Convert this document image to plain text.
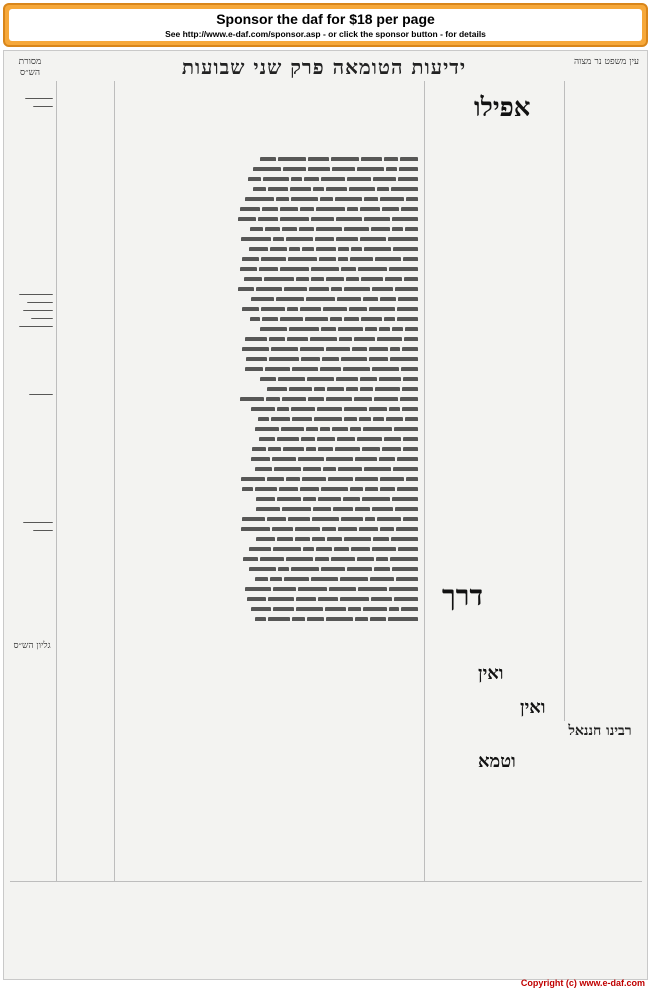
Sponsor the daf for $18 per page
See http://www.e-daf.com/sponsor.asp - or click the sponsor button - for details
ידיעות הטומאה פרק שני שבועות	עין משפט נר מצוה
מסורת הש״ס
גליון הש״ס
רבינו חננאל
אפילו
דרך
ואין
ואין
וטמא
Copyright (c) www.e-daf.com
